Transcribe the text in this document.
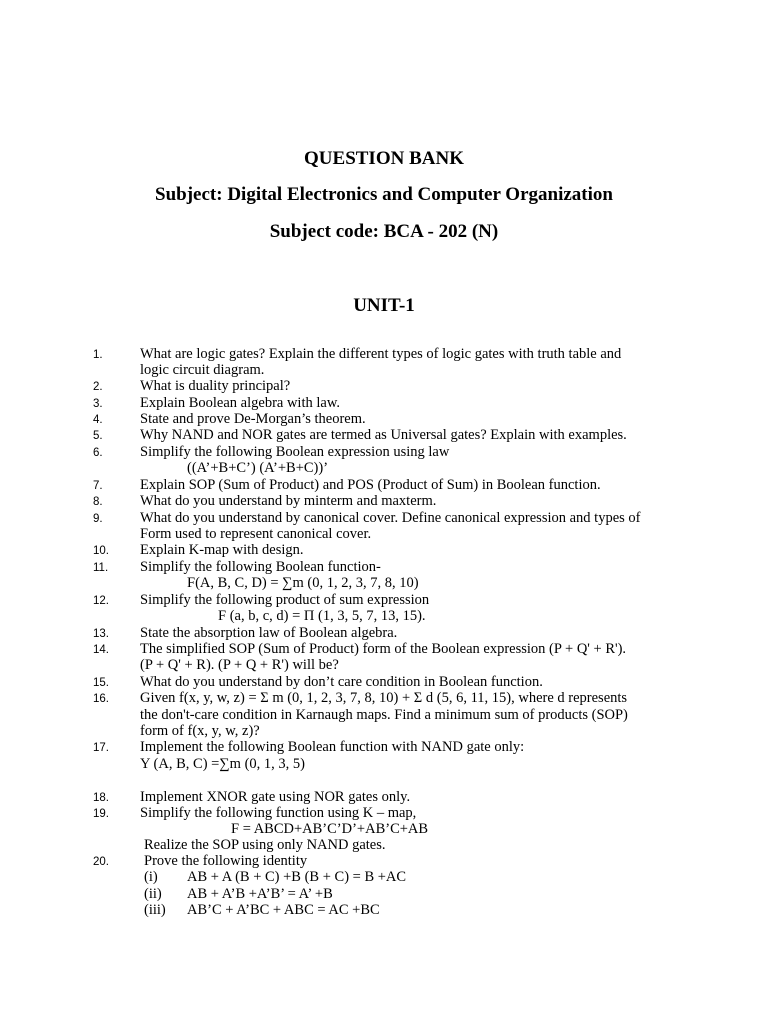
QUESTION BANK
Subject: Digital Electronics and Computer Organization
Subject code: BCA - 202 (N)
UNIT-1
1.	What are logic gates? Explain the different types of logic gates with truth table and
logic circuit diagram.
2.	What is duality principal?
3.	Explain Boolean algebra with law.
4.	State and prove De-Morgan’s theorem.
5.	Why NAND and NOR gates are termed as Universal gates? Explain with examples.
6.	Simplify the following Boolean expression using law
((A’+B+C’) (A’+B+C))’
7.	Explain SOP (Sum of Product) and POS (Product of Sum) in Boolean function.
8.	What do you understand by minterm and maxterm.
9.	What do you understand by canonical cover. Define canonical expression and types of
Form used to represent canonical cover.
10. Explain K-map with design.
11. Simplify the following Boolean function-
F(A, B, C, D) = ∑m (0, 1, 2, 3, 7, 8, 10)
12. Simplify the following product of sum expression
F (a, b, c, d) = Π (1, 3, 5, 7, 13, 15).
13. State the absorption law of Boolean algebra.
14. The simplified SOP (Sum of Product) form of the Boolean expression (P + Q' + R').
(P + Q' + R). (P + Q + R') will be?
15. What do you understand by don’t care condition in Boolean function.
16. Given f(x, y, w, z) = Σ m (0, 1, 2, 3, 7, 8, 10) + Σ d (5, 6, 11, 15), where d represents
the don't-care condition in Karnaugh maps. Find a minimum sum of products (SOP)
form of f(x, y, w, z)?
17. Implement the following Boolean function with NAND gate only:
Y (A, B, C) =∑m (0, 1, 3, 5)
18. Implement XNOR gate using NOR gates only.
19. Simplify the following function using K – map,
F = ABCD+AB’C’D’+AB’C+AB
Realize the SOP using only NAND gates.
20. Prove the following identity
(i) AB + A (B + C) +B (B + C) = B +AC
(ii) AB + A’B +A’B’ = A’ +B
(iii) AB’C + A’BC + ABC = AC +BC
